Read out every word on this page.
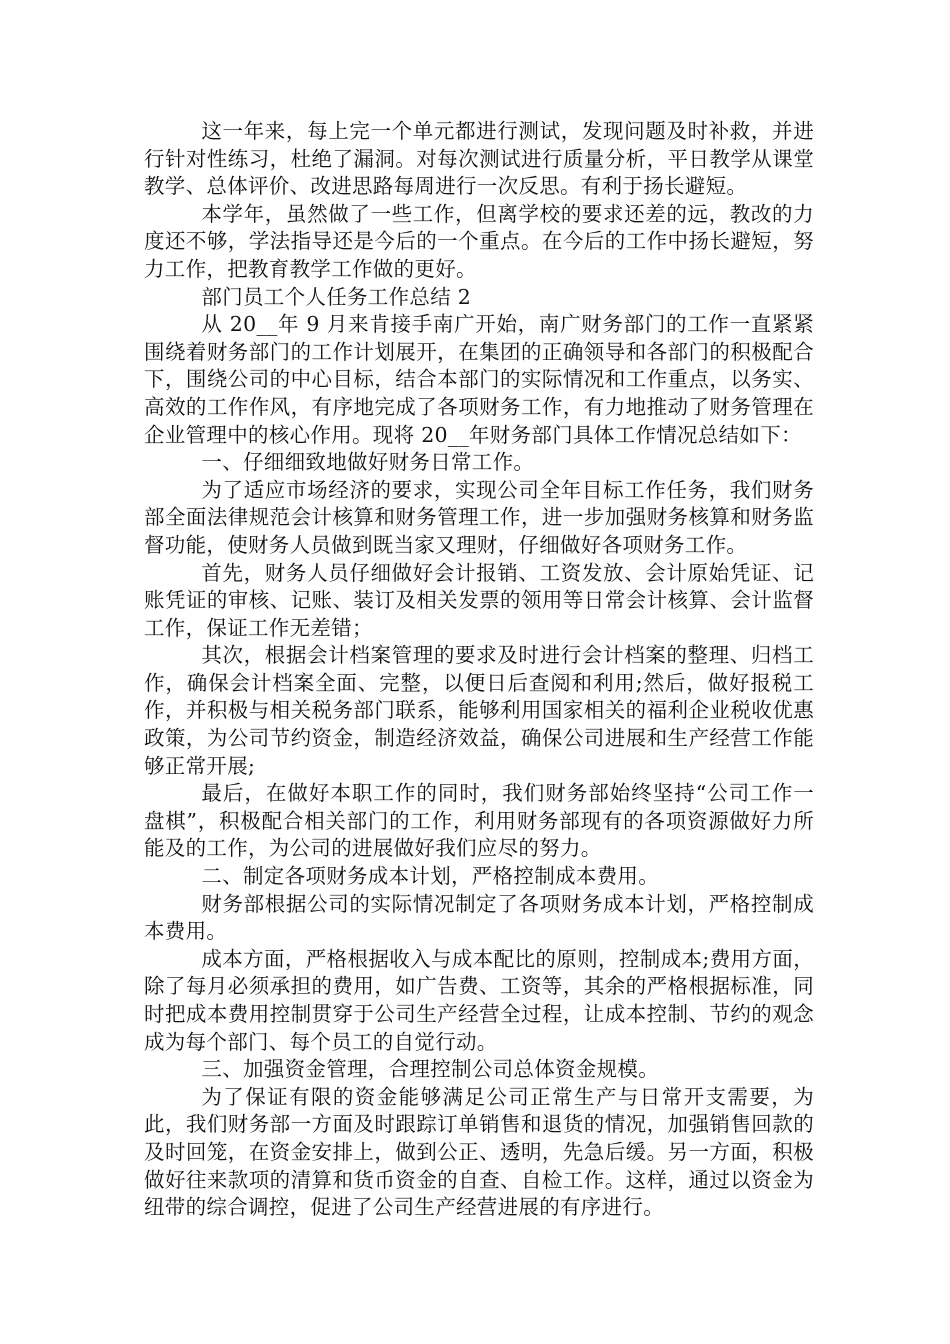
这一年来，每上完一个单元都进行测试，发现问题及时补救，并进行针对性练习，杜绝了漏洞。对每次测试进行质量分析，平日教学从课堂教学、总体评价、改进思路每周进行一次反思。有利于扬长避短。

本学年，虽然做了一些工作，但离学校的要求还差的远，教改的力度还不够，学法指导还是今后的一个重点。在今后的工作中扬长避短，努力工作，把教育教学工作做的更好。

部门员工个人任务工作总结 2

从 20__年 9 月来肯接手南广开始，南广财务部门的工作一直紧紧围绕着财务部门的工作计划展开，在集团的正确领导和各部门的积极配合下，围绕公司的中心目标，结合本部门的实际情况和工作重点，以务实、高效的工作作风，有序地完成了各项财务工作，有力地推动了财务管理在企业管理中的核心作用。现将 20__年财务部门具体工作情况总结如下：

一、仔细细致地做好财务日常工作。

为了适应市场经济的要求，实现公司全年目标工作任务，我们财务部全面法律规范会计核算和财务管理工作，进一步加强财务核算和财务监督功能，使财务人员做到既当家又理财，仔细做好各项财务工作。

首先，财务人员仔细做好会计报销、工资发放、会计原始凭证、记账凭证的审核、记账、装订及相关发票的领用等日常会计核算、会计监督工作，保证工作无差错；

其次，根据会计档案管理的要求及时进行会计档案的整理、归档工作，确保会计档案全面、完整，以便日后查阅和利用;然后，做好报税工作，并积极与相关税务部门联系，能够利用国家相关的福利企业税收优惠政策，为公司节约资金，制造经济效益，确保公司进展和生产经营工作能够正常开展;

最后，在做好本职工作的同时，我们财务部始终坚持“公司工作一盘棋”，积极配合相关部门的工作，利用财务部现有的各项资源做好力所能及的工作，为公司的进展做好我们应尽的努力。

二、制定各项财务成本计划，严格控制成本费用。

财务部根据公司的实际情况制定了各项财务成本计划，严格控制成本费用。

成本方面，严格根据收入与成本配比的原则，控制成本;费用方面，除了每月必须承担的费用，如广告费、工资等，其余的严格根据标准，同时把成本费用控制贯穿于公司生产经营全过程，让成本控制、节约的观念成为每个部门、每个员工的自觉行动。

三、加强资金管理，合理控制公司总体资金规模。

为了保证有限的资金能够满足公司正常生产与日常开支需要，为此，我们财务部一方面及时跟踪订单销售和退货的情况，加强销售回款的及时回笼，在资金安排上，做到公正、透明，先急后缓。另一方面，积极做好往来款项的清算和货币资金的自查、自检工作。这样，通过以资金为纽带的综合调控，促进了公司生产经营进展的有序进行。
